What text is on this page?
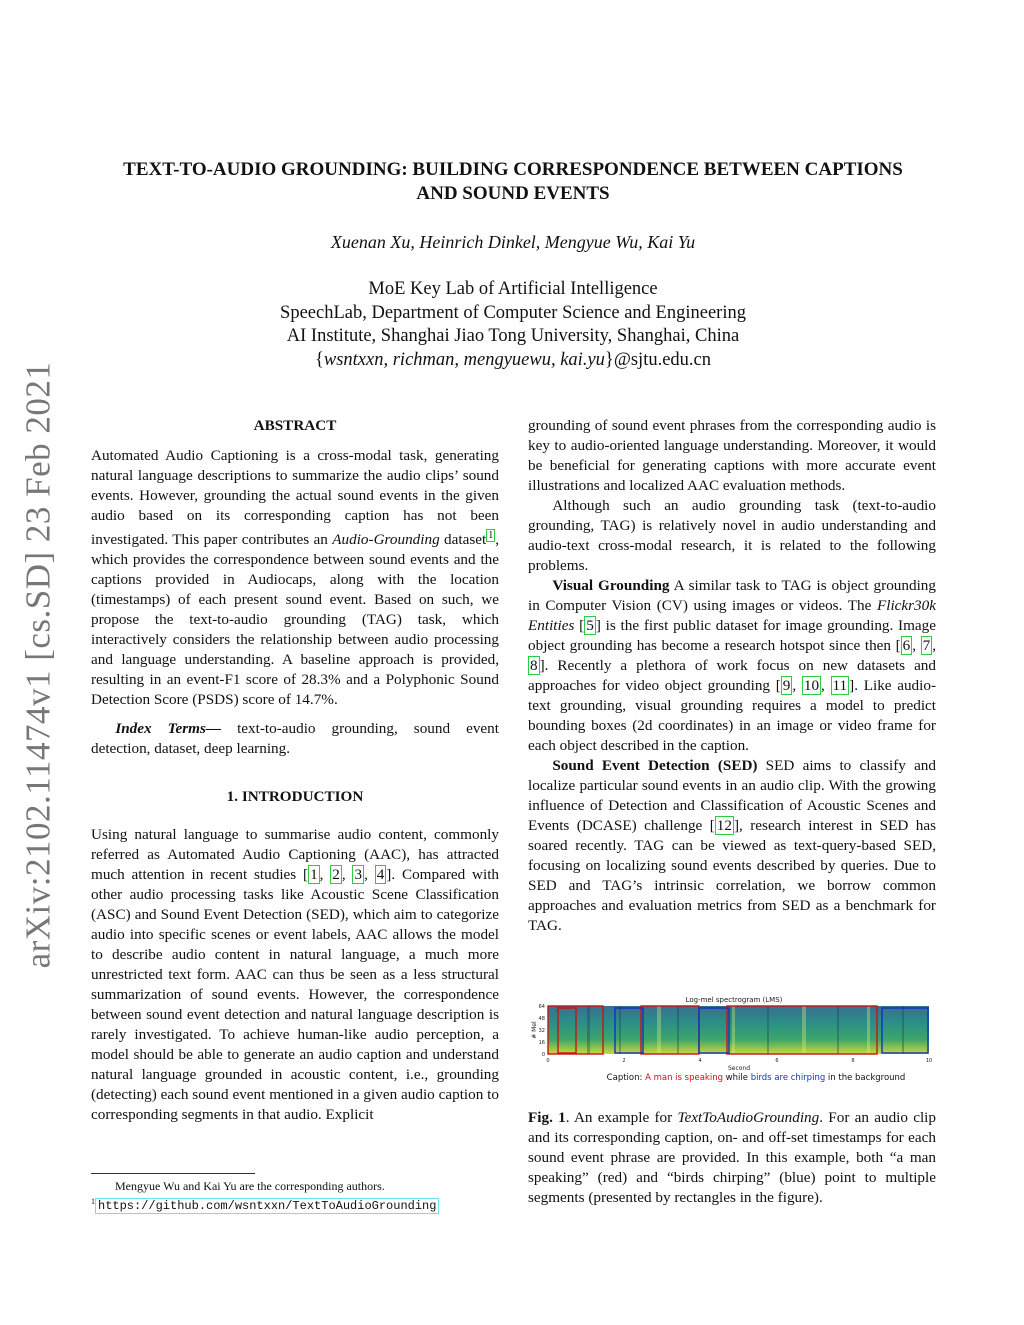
arXiv:2102.11474v1 [cs.SD] 23 Feb 2021
TEXT-TO-AUDIO GROUNDING: BUILDING CORRESPONDENCE BETWEEN CAPTIONS
AND SOUND EVENTS
Xuenan Xu, Heinrich Dinkel, Mengyue Wu, Kai Yu
MoE Key Lab of Artificial Intelligence
SpeechLab, Department of Computer Science and Engineering
AI Institute, Shanghai Jiao Tong University, Shanghai, China
{wsntxxn, richman, mengyuewu, kai.yu}@sjtu.edu.cn
ABSTRACT

Automated Audio Captioning is a cross-modal task, generating natural language descriptions to summarize the audio clips’ sound events. However, grounding the actual sound events in the given audio based on its corresponding caption has not been investigated. This paper contributes an Audio-Grounding dataset $^1$ , which provides the correspondence between sound events and the captions provided in Audiocaps, along with the location (timestamps) of each present sound event. Based on such, we propose the text-to-audio grounding (TAG) task, which interactively considers the relationship between audio processing and language understanding. A baseline approach is provided, resulting in an event-F1 score of 28.3% and a Polyphonic Sound Detection Score (PSDS) score of 14.7%.

Index Terms— text-to-audio grounding, sound event detection, dataset, deep learning.

1. INTRODUCTION

Using natural language to summarise audio content, commonly referred as Automated Audio Captioning (AAC), has attracted much attention in recent studies [ 1 , 2 , 3 , 4 ]. Compared with other audio processing tasks like Acoustic Scene Classification (ASC) and Sound Event Detection (SED), which aim to categorize audio into specific scenes or event labels, AAC allows the model to describe audio content in natural language, a much more unrestricted text form. AAC can thus be seen as a less structural summarization of sound events. However, the correspondence between sound event detection and natural language description is rarely investigated. To achieve human-like audio perception, a model should be able to generate an audio caption and understand natural language grounded in acoustic content, i.e., grounding (detecting) each sound event mentioned in a given audio caption to corresponding segments in that audio. Explicit

Mengyue Wu and Kai Yu are the corresponding authors.
$^1$ https://github.com/wsntxxn/TextToAudioGrounding

grounding of sound event phrases from the corresponding audio is key to audio-oriented language understanding. Moreover, it would be beneficial for generating captions with more accurate event illustrations and localized AAC evaluation methods.

Although such an audio grounding task (text-to-audio grounding, TAG) is relatively novel in audio understanding and audio-text cross-modal research, it is related to the following problems.

Visual Grounding A similar task to TAG is object grounding in Computer Vision (CV) using images or videos. The Flickr30k Entities [ 5 ] is the first public dataset for image grounding. Image object grounding has become a research hotspot since then [ 6 , 7 , 8 ]. Recently a plethora of work focus on new datasets and approaches for video object grounding [ 9 , 10 , 11 ]. Like audio-text grounding, visual grounding requires a model to predict bounding boxes (2d coordinates) in an image or video frame for each object described in the caption.

Sound Event Detection (SED) SED aims to classify and localize particular sound events in an audio clip. With the growing influence of Detection and Classification of Acoustic Scenes and Events (DCASE) challenge [ 12 ], research interest in SED has soared recently. TAG can be viewed as text-query-based SED, focusing on localizing sound events described by queries. Due to SED and TAG’s intrinsic correlation, we borrow common approaches and evaluation metrics from SED as a benchmark for TAG.

Log-mel spectrogram (LMS)
# Mel
64
48
32
16
0
0	2	4	6	8	10
Second
Caption: A man is speaking while birds are chirping in the background
Fig. 1. An example for TextToAudioGrounding. For an audio clip and its corresponding caption, on- and off-set timestamps for each sound event phrase are provided. In this example, both “a man speaking” (red) and “birds chirping” (blue) point to multiple segments (presented by rectangles in the figure).
